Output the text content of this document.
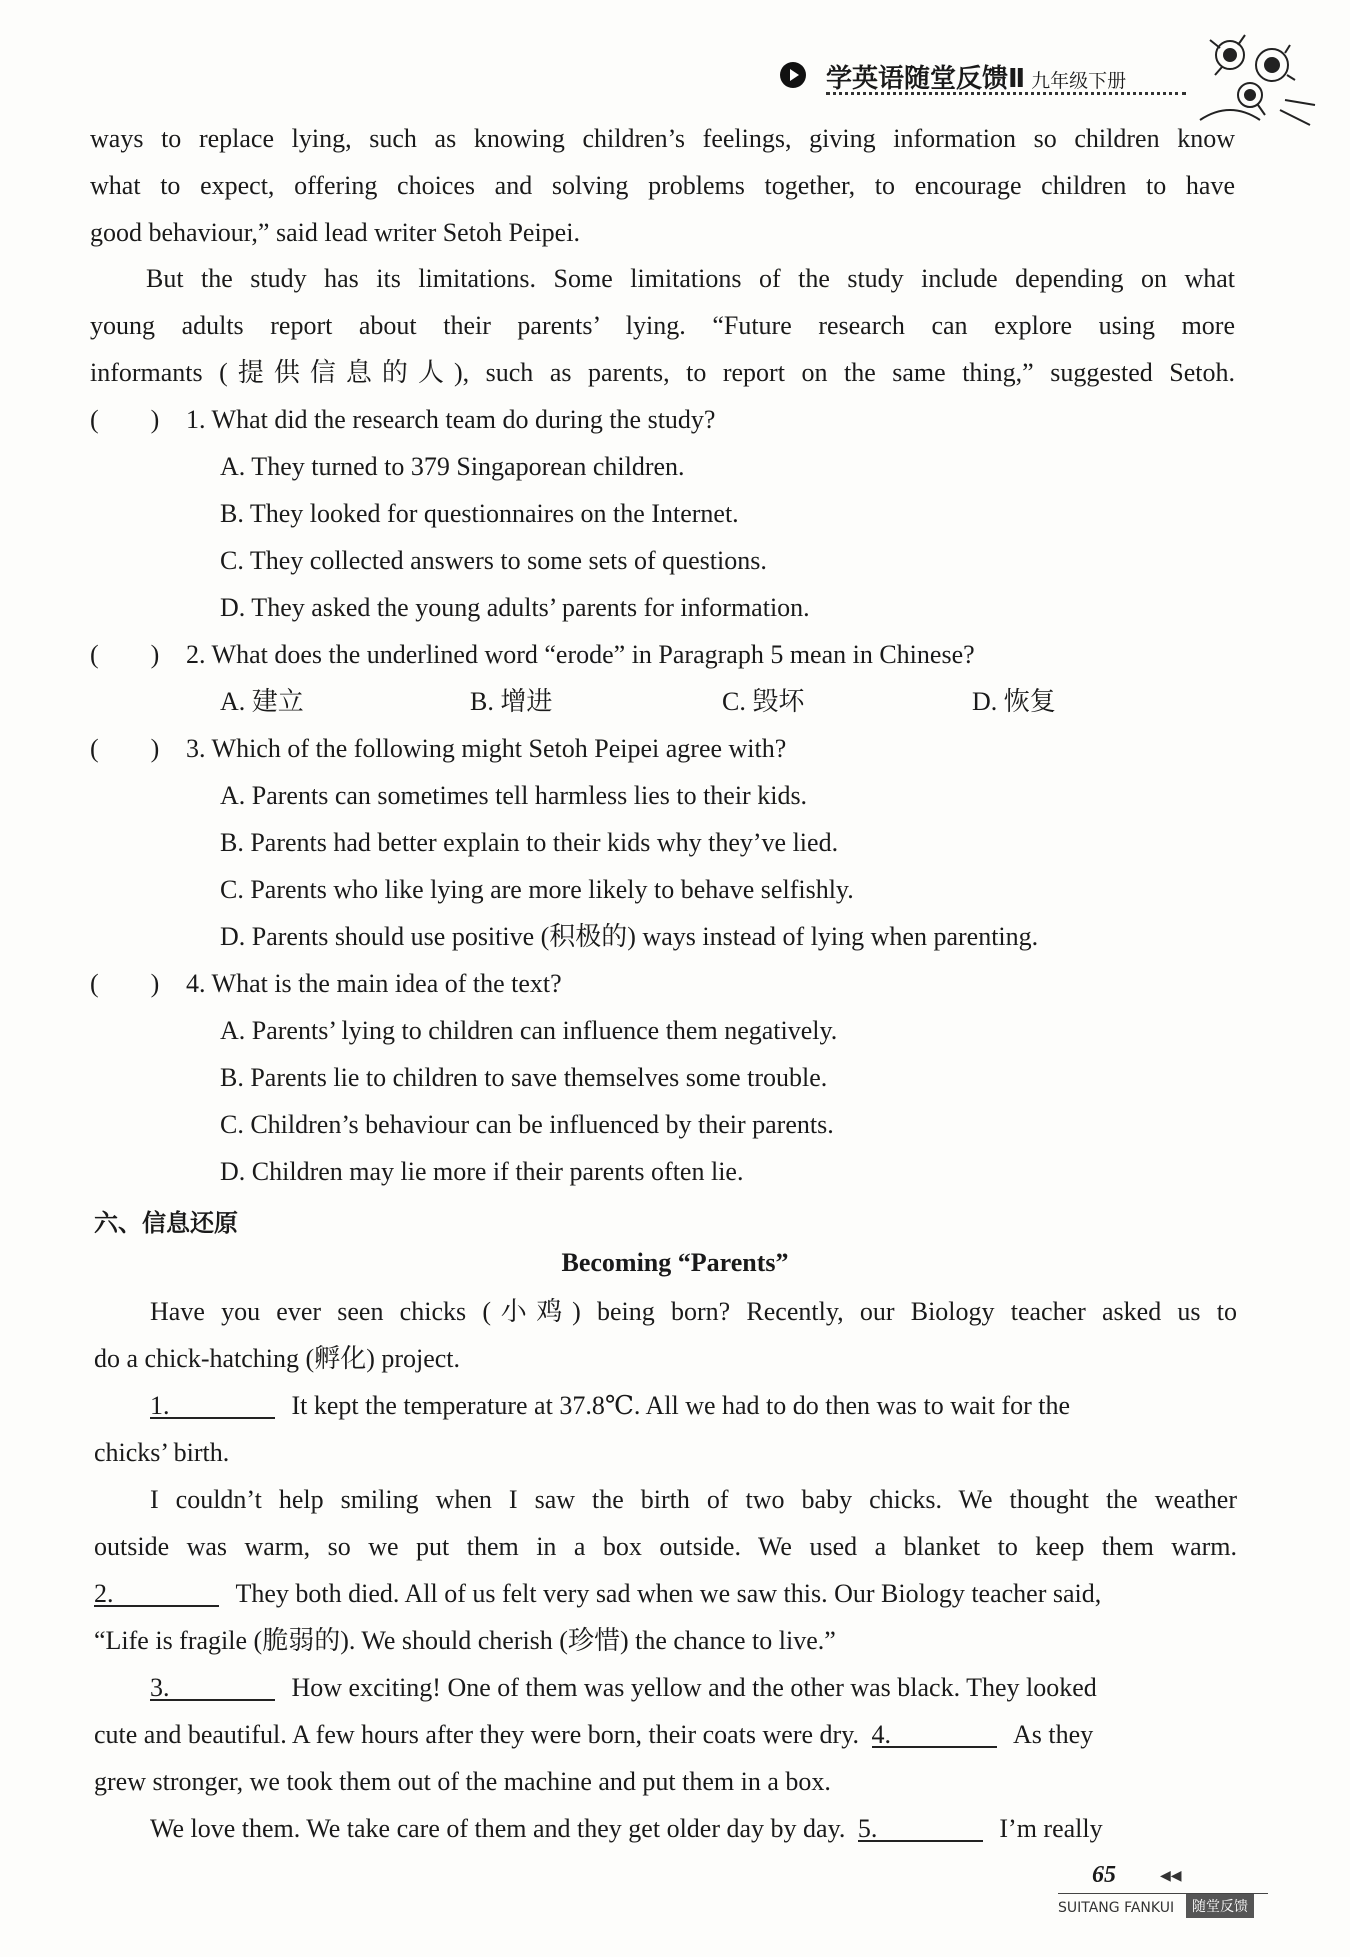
学英语随堂反馈Ⅱ 九年级下册
ways to replace lying, such as knowing children’s feelings, giving information so children know
what to expect, offering choices and solving problems together, to encourage children to have
good behaviour,” said lead writer Setoh Peipei.
But the study has its limitations. Some limitations of the study include depending on what
young adults report about their parents’ lying. “Future research can explore using more
informants (提供信息的人), such as parents, to report on the same thing,” suggested Setoh.
(　　) 1. What did the research team do during the study?
A. They turned to 379 Singaporean children.
B. They looked for questionnaires on the Internet.
C. They collected answers to some sets of questions.
D. They asked the young adults’ parents for information.
(　　) 2. What does the underlined word “erode” in Paragraph 5 mean in Chinese?
A. 建立	B. 增进	C. 毁坏	D. 恢复
(　　) 3. Which of the following might Setoh Peipei agree with?
A. Parents can sometimes tell harmless lies to their kids.
B. Parents had better explain to their kids why they’ve lied.
C. Parents who like lying are more likely to behave selfishly.
D. Parents should use positive (积极的) ways instead of lying when parenting.
(　　) 4. What is the main idea of the text?
A. Parents’ lying to children can influence them negatively.
B. Parents lie to children to save themselves some trouble.
C. Children’s behaviour can be influenced by their parents.
D. Children may lie more if their parents often lie.
六、信息还原
Becoming “Parents”
Have you ever seen chicks (小鸡) being born? Recently, our Biology teacher asked us to
do a chick-hatching (孵化) project.
1.	It kept the temperature at 37.8℃. All we had to do then was to wait for the
chicks’ birth.
I couldn’t help smiling when I saw the birth of two baby chicks. We thought the weather
outside was warm, so we put them in a box outside. We used a blanket to keep them warm.
2.	They both died. All of us felt very sad when we saw this. Our Biology teacher said,
“Life is fragile (脆弱的). We should cherish (珍惜) the chance to live.”
3.	How exciting! One of them was yellow and the other was black. They looked
cute and beautiful. A few hours after they were born, their coats were dry. 4.	As they
grew stronger, we took them out of the machine and put them in a box.
We love them. We take care of them and they get older day by day. 5.	I’m really
65	◀◀
SUITANG FANKUI	随堂反馈
